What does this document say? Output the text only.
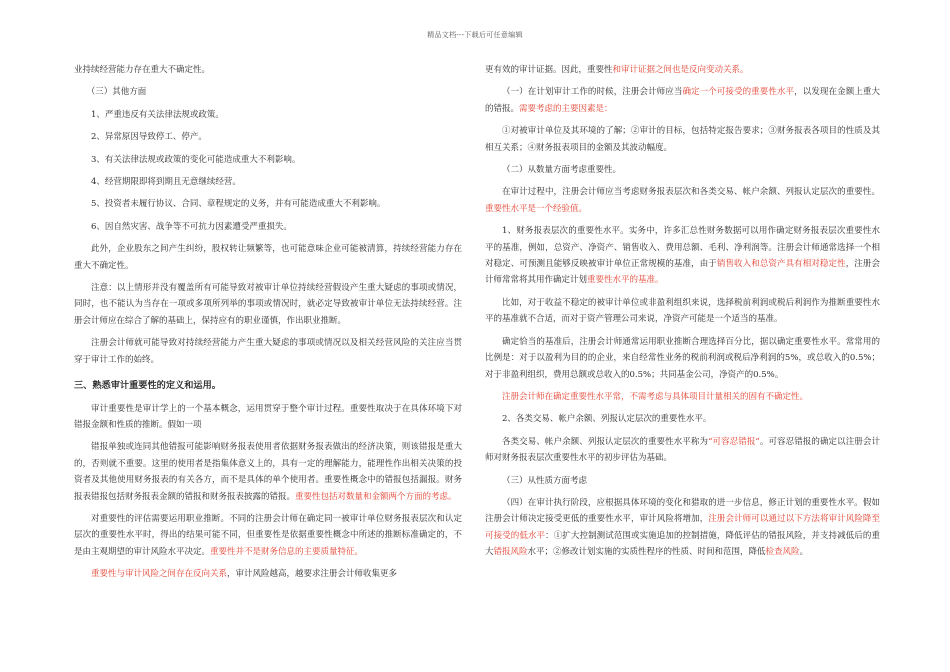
精品文档---下载后可任意编辑

业持续经营能力存在重大不确定性。

（三）其他方面

1、严重违反有关法律法规或政策。

2、异常原因导致停工、停产。

3、有关法律法规或政策的变化可能造成重大不利影响。

4、经营期限即将到期且无意继续经营。

5、投资者未履行协议、合同、章程规定的义务，并有可能造成重大不利影响。

6、因自然灾害、战争等不可抗力因素遭受严重损失。

此外，企业股东之间产生纠纷，股权转让频繁等，也可能意味企业可能被清算，持续经营能力存在重大不确定性。

注意：以上情形并没有覆盖所有可能导致对被审计单位持续经营假设产生重大疑虑的事项或情况，同时，也不能认为当存在一项或多项所列举的事项或情况时，就必定导致被审计单位无法持续经营。注册会计师应在综合了解的基础上，保持应有的职业谨慎，作出职业推断。

注册会计师就可能导致对持续经营能力产生重大疑虑的事项或情况以及相关经营风险的关注应当贯穿于审计工作的始终。

三、熟悉审计重要性的定义和运用。

审计重要性是审计学上的一个基本概念，运用贯穿于整个审计过程。重要性取决于在具体环境下对错报金额和性质的推断。假如一项

错报单独或连同其他错报可能影响财务报表使用者依据财务报表做出的经济决策，则该错报是重大的，否则就不重要。这里的使用者是指集体意义上的，具有一定的理解能力，能理性作出相关决策的投资者及其他使用财务报表的有关各方，而不是具体的单个使用者。重要性概念中的错报包括漏报。财务报表错报包括财务报表金额的错报和财务报表披露的错报。重要性包括对数量和金额两个方面的考虑。

对重要性的评估需要运用职业推断。不同的注册会计师在确定同一被审计单位财务报表层次和认定层次的重要性水平时，得出的结果可能不同，但重要性是依据重要性概念中所述的推断标准确定的，不是由主观期望的审计风险水平决定。重要性并不是财务信息的主要质量特征。

重要性与审计风险之间存在反向关系，审计风险越高，越要求注册会计师收集更多

更有效的审计证据。因此，重要性和审计证据之间也是反向变动关系。

（一）在计划审计工作的时候，注册会计师应当确定一个可接受的重要性水平，以发现在金额上重大的错报。需要考虑的主要因素是：

①对被审计单位及其环境的了解；②审计的目标，包括特定报告要求；③财务报表各项目的性质及其相互关系；④财务报表项目的金额及其波动幅度。

（二）从数量方面考虑重要性。

在审计过程中，注册会计师应当考虑财务报表层次和各类交易、帐户余额、列报认定层次的重要性。重要性水平是一个经验值。

1、财务报表层次的重要性水平。实务中，许多汇总性财务数据可以用作确定财务报表层次重要性水平的基准，例如，总资产、净资产、销售收入、费用总额、毛利、净利润等。注册会计师通常选择一个相对稳定、可预测且能够反映被审计单位正常规模的基准，由于销售收入和总资产具有相对稳定性，注册会计师常常将其用作确定计划重要性水平的基准。

比如，对于收益不稳定的被审计单位或非盈利组织来说，选择税前利润或税后利润作为推断重要性水平的基准就不合适，而对于资产管理公司来说，净资产可能是一个适当的基准。

确定恰当的基准后，注册会计师通常运用职业推断合理选择百分比，据以确定重要性水平。常常用的比例是：对于以盈利为目的的企业，来自经常性业务的税前利润或税后净利润的5%，或总收入的0.5%；对于非盈利组织，费用总额或总收入的0.5%；共同基金公司，净资产的0.5%。

注册会计师在确定重要性水平常，不需考虑与具体项目计量相关的固有不确定性。

2、各类交易、帐户余额、列报认定层次的重要性水平。

各类交易、帐户余额、列报认定层次的重要性水平称为“可容忍错报”。可容忍错报的确定以注册会计师对财务报表层次重要性水平的初步评估为基础。

（三）从性质方面考虑

（四）在审计执行阶段，应根据具体环境的变化和猎取的进一步信息，修正计划的重要性水平。假如注册会计师决定接受更低的重要性水平，审计风险将增加，注册会计师可以通过以下方法将审计风险降至可接受的低水平：①扩大控制测试范围或实施追加的控制措施，降低评估的错报风险，并支持减低后的重大错报风险水平；②修改计划实施的实质性程序的性质、时间和范围，降低检查风险。
